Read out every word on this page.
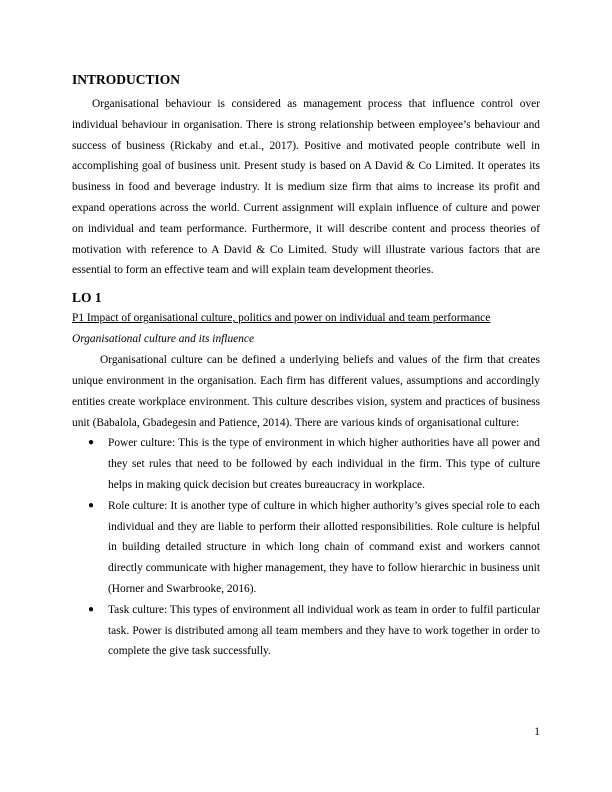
INTRODUCTION

Organisational behaviour is considered as management process that influence control over individual behaviour in organisation. There is strong relationship between employee’s behaviour and success of business (Rickaby and et.al., 2017). Positive and motivated people contribute well in accomplishing goal of business unit. Present study is based on A David & Co Limited. It operates its business in food and beverage industry. It is medium size firm that aims to increase its profit and expand operations across the world. Current assignment will explain influence of culture and power on individual and team performance. Furthermore, it will describe content and process theories of motivation with reference to A David & Co Limited. Study will illustrate various factors that are essential to form an effective team and will explain team development theories.

LO 1

P1 Impact of organisational culture, politics and power on individual and team performance

Organisational culture and its influence

Organisational culture can be defined a underlying beliefs and values of the firm that creates unique environment in the organisation. Each firm has different values, assumptions and accordingly entities create workplace environment. This culture describes vision, system and practices of business unit (Babalola, Gbadegesin and Patience, 2014). There are various kinds of organisational culture:

● Power culture: This is the type of environment in which higher authorities have all power and they set rules that need to be followed by each individual in the firm. This type of culture helps in making quick decision but creates bureaucracy in workplace.
● Role culture: It is another type of culture in which higher authority’s gives special role to each individual and they are liable to perform their allotted responsibilities. Role culture is helpful in building detailed structure in which long chain of command exist and workers cannot directly communicate with higher management, they have to follow hierarchic in business unit (Horner and Swarbrooke, 2016).
● Task culture: This types of environment all individual work as team in order to fulfil particular task. Power is distributed among all team members and they have to work together in order to complete the give task successfully.
1
